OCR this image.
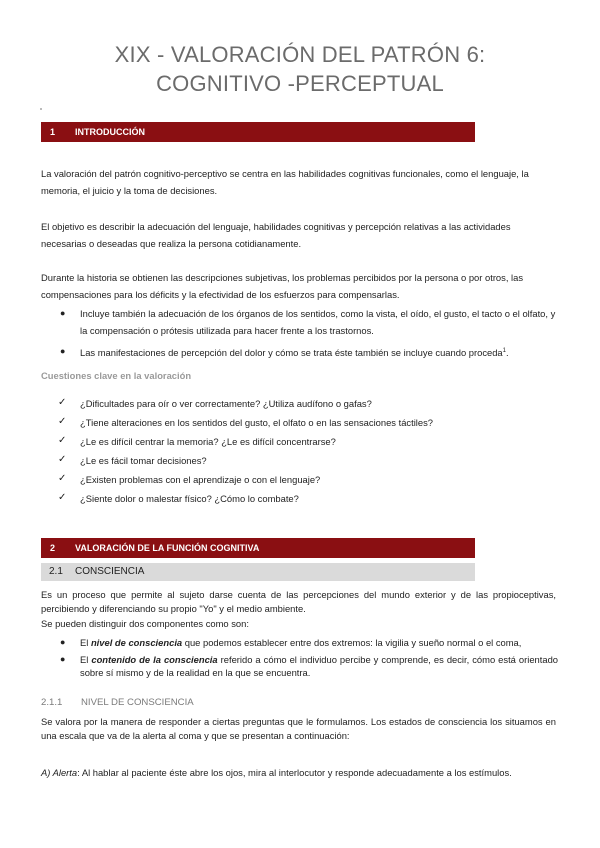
XIX - VALORACIÓN DEL PATRÓN 6:
COGNITIVO -PERCEPTUAL
1 INTRODUCCIÓN
La valoración del patrón cognitivo-perceptivo se centra en las habilidades cognitivas funcionales, como el lenguaje, la memoria, el juicio y la toma de decisiones.
El objetivo es describir la adecuación del lenguaje, habilidades cognitivas y percepción relativas a las actividades necesarias o deseadas que realiza la persona cotidianamente.
Durante la historia se obtienen las descripciones subjetivas, los problemas percibidos por la persona o por otros, las compensaciones para los déficits y la efectividad de los esfuerzos para compensarlas.
● Incluye también la adecuación de los órganos de los sentidos, como la vista, el oído, el gusto, el tacto o el olfato, y la compensación o prótesis utilizada para hacer frente a los trastornos.
● Las manifestaciones de percepción del dolor y cómo se trata éste también se incluye cuando proceda$^1$.
Cuestiones clave en la valoración
✓ ¿Dificultades para oír o ver correctamente? ¿Utiliza audífono o gafas?
✓ ¿Tiene alteraciones en los sentidos del gusto, el olfato o en las sensaciones táctiles?
✓ ¿Le es difícil centrar la memoria? ¿Le es difícil concentrarse?
✓ ¿Le es fácil tomar decisiones?
✓ ¿Existen problemas con el aprendizaje o con el lenguaje?
✓ ¿Siente dolor o malestar físico? ¿Cómo lo combate?
2 VALORACIÓN DE LA FUNCIÓN COGNITIVA
2.1 CONSCIENCIA
Es un proceso que permite al sujeto darse cuenta de las percepciones del mundo exterior y de las propioceptivas, percibiendo y diferenciando su propio "Yo" y el medio ambiente.
Se pueden distinguir dos componentes como son:
● El nivel de consciencia que podemos establecer entre dos extremos: la vigilia y sueño normal o el coma,
● El contenido de la consciencia referido a cómo el individuo percibe y comprende, es decir, cómo está orientado sobre sí mismo y de la realidad en la que se encuentra.
2.1.1 NIVEL DE CONSCIENCIA
Se valora por la manera de responder a ciertas preguntas que le formulamos. Los estados de consciencia los situamos en una escala que va de la alerta al coma y que se presentan a continuación:
A) Alerta: Al hablar al paciente éste abre los ojos, mira al interlocutor y responde adecuadamente a los estímulos.
